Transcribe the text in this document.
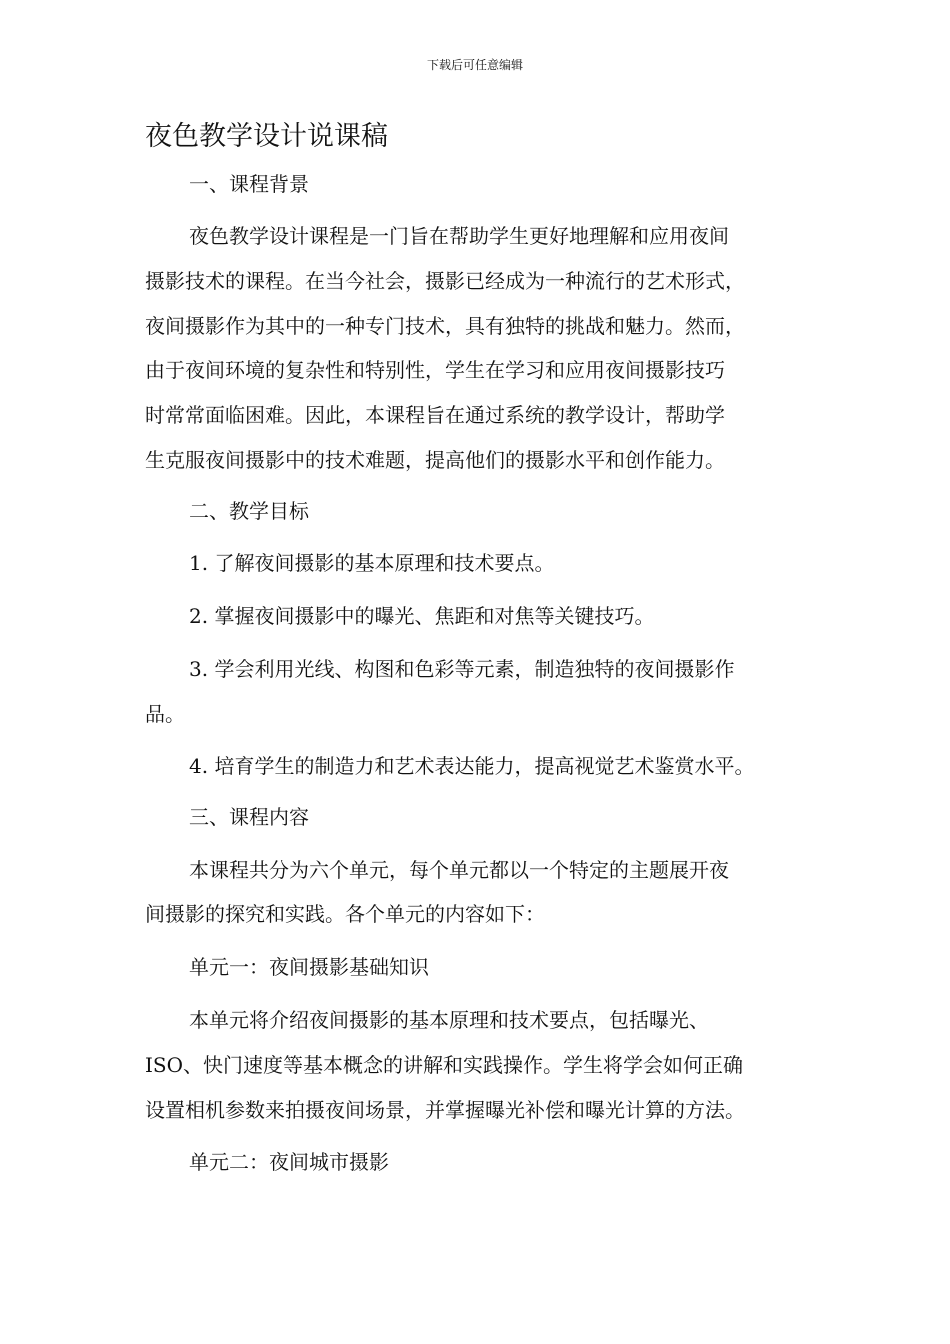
下载后可任意编辑
夜色教学设计说课稿
一、课程背景
夜色教学设计课程是一门旨在帮助学生更好地理解和应用夜间
摄影技术的课程。在当今社会，摄影已经成为一种流行的艺术形式，
夜间摄影作为其中的一种专门技术，具有独特的挑战和魅力。然而，
由于夜间环境的复杂性和特别性，学生在学习和应用夜间摄影技巧
时常常面临困难。因此，本课程旨在通过系统的教学设计，帮助学
生克服夜间摄影中的技术难题，提高他们的摄影水平和创作能力。
二、教学目标
1. 了解夜间摄影的基本原理和技术要点。
2. 掌握夜间摄影中的曝光、焦距和对焦等关键技巧。
3. 学会利用光线、构图和色彩等元素，制造独特的夜间摄影作
品。
4. 培育学生的制造力和艺术表达能力，提高视觉艺术鉴赏水平。
三、课程内容
本课程共分为六个单元，每个单元都以一个特定的主题展开夜
间摄影的探究和实践。各个单元的内容如下：
单元一：夜间摄影基础知识
本单元将介绍夜间摄影的基本原理和技术要点，包括曝光、
ISO、快门速度等基本概念的讲解和实践操作。学生将学会如何正确
设置相机参数来拍摄夜间场景，并掌握曝光补偿和曝光计算的方法。
单元二：夜间城市摄影
